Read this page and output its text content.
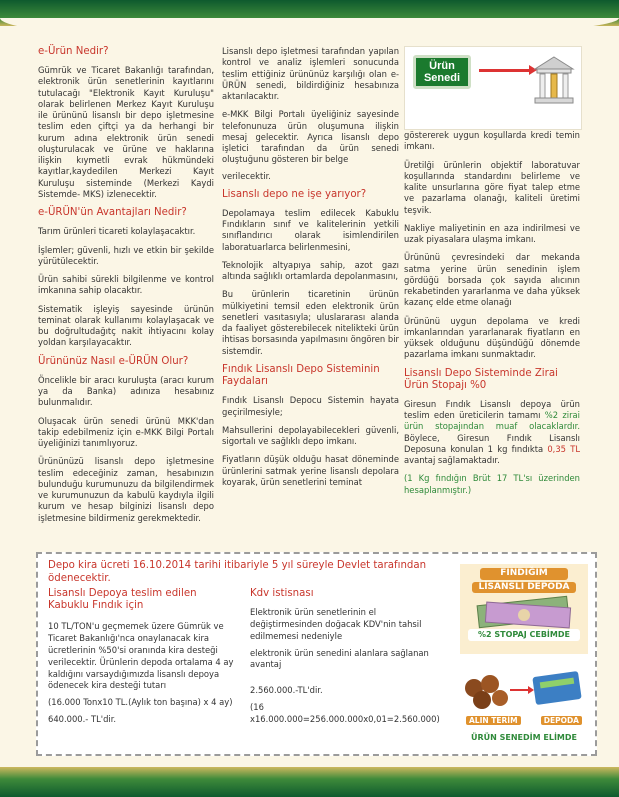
e-Ürün Nedir?

Gümrük ve Ticaret Bakanlığı tarafından, elektronik ürün senetlerinin kayıtlarını tutulacağı "Elektronik Kayıt Kuruluşu" olarak belirlenen Merkez Kayıt Kuruluşu ile ürününü lisanslı bir depo işletmesine teslim eden çiftçi ya da herhangi bir kurum adına elektronik ürün senedi oluşturulacak ve ürüne ve haklarına ilişkin kıymetli evrak hükmündeki kayıtlar,kaydedilen Merkezi Kayıt Kuruluşu sisteminde (Merkezi Kaydi Sistemde- MKS) izlenecektir.

e-ÜRÜN'ün Avantajları Nedir?

Tarım ürünleri ticareti kolaylaşacaktır.

İşlemler; güvenli, hızlı ve etkin bir şekilde yürütülecektir.

Ürün sahibi sürekli bilgilenme ve kontrol imkanına sahip olacaktır.

Sistematik işleyiş sayesinde ürünün teminat olarak kullanımı kolaylaşacak ve bu doğrultudağıtç nakit ihtiyacını kolay yoldan karşılayacaktır.

Ürününüz Nasıl e-ÜRÜN Olur?

Öncelikle bir aracı kuruluşta (aracı kurum ya da Banka) adınıza hesabınız bulunmalıdır.

Oluşacak ürün senedi ürünü MKK'dan takip edebilmeniz için e-MKK Bilgi Portalı üyeliğinizi tanımlıyoruz.

Ürününüzü lisanslı depo işletmesine teslim edeceğiniz zaman, hesabınızın bulunduğu kurumunuzu da bilgilendirmek ve kurumunuzun da kabulü kaydıyla ilgili kurum ve hesap bilginizi lisanslı depo işletmesine bildirmeniz gerekmektedir.

Lisanslı depo işletmesi tarafından yapılan kontrol ve analiz işlemleri sonucunda teslim ettiğiniz ürününüz karşılığı olan e-ÜRÜN senedi, bildirdiğiniz hesabınıza aktarılacaktır.

e-MKK Bilgi Portalı üyeliğiniz sayesinde telefonunuza ürün oluşumuna ilişkin mesaj gelecektir. Ayrıca lisanslı depo işletici tarafından da ürün senedi oluştuğunu gösteren bir belge

verilecektir.

Lisanslı depo ne işe yarıyor?

Depolamaya teslim edilecek Kabuklu Fındıkların sınıf ve kalitelerinin yetkili sınıflandırıcı olarak isimlendirilen laboratuarlarca belirlenmesini,

Teknolojik altyapıya sahip, azot gazı altında sağlıklı ortamlarda depolanmasını,

Bu ürünlerin ticaretinin ürünün mülkiyetini temsil eden elektronik ürün senetleri vasıtasıyla; uluslararası alanda da faaliyet gösterebilecek nitelikteki ürün ihtisas borsasında yapılmasını öngören bir sistemdir.

Fındık Lisanslı Depo Sisteminin Faydaları

Fındık Lisanslı Depocu Sistemin hayata geçirilmesiyle;

Mahsullerini depolayabilecekleri güvenli, sigortalı ve sağlıklı depo imkanı.

Fiyatların düşük olduğu hasat döneminde ürünlerini satmak yerine lisanslı depolara koyarak, ürün senetlerini teminat

Ürün
Senedi

göstererek uygun koşullarda kredi temin imkanı.

Üretilği ürünlerin objektif laboratuvar koşullarında standardını belirleme ve kalite unsurlarına göre fiyat talep etme ve pazarlama olanağı, kaliteli üretimi teşvik.

Nakliye maliyetinin en aza indirilmesi ve uzak piyasalara ulaşma imkanı.

Ürününü çevresindeki dar mekanda satma yerine ürün senedinin işlem gördüğü borsada çok sayıda alıcının rekabetinden yararlanma ve daha yüksek kazanç elde etme olanağı

Ürününü uygun depolama ve kredi imkanlarından yararlanarak fiyatların en yüksek olduğunu düşündüğü dönemde pazarlama imkanı sunmaktadır.

Lisanslı Depo Sisteminde Zirai Ürün Stopajı %0

Giresun Fındık Lisanslı depoya ürün teslim eden üreticilerin tamamı %2 zirai ürün stopajından muaf olacaklardır. Böylece, Giresun Fındık Lisanslı Deposuna konulan 1 kg fındıkta 0,35 TL avantaj sağlamaktadır.

(1 Kg fındığın Brüt 17 TL'sı üzerinden hesaplanmıştır.)

Depo kira ücreti 16.10.2014 tarihi itibariyle 5 yıl süreyle Devlet tarafından ödenecektir.

Lisanslı Depoya teslim edilen Kabuklu Fındık için

10 TL/TON'u geçmemek üzere Gümrük ve Ticaret Bakanlığı'nca onaylanacak kira ücretlerinin %50'si oranında kira desteği verilecektir. Ürünlerin depoda ortalama 4 ay kaldığını varsaydığımızda lisanslı depoya ödenecek kira desteği tutarı

(16.000 Tonx10 TL.(Aylık ton başına) x 4 ay)

640.000.- TL'dir.

Kdv istisnası

Elektronik ürün senetlerinin el değiştirmesinden doğacak KDV'nin tahsil edilmemesi nedeniyle

elektronik ürün senedini alanlara sağlanan avantaj

2.560.000.-TL'dir.

(16 x16.000.000=256.000.000x0,01=2.560.000)

FINDIĞIM
LİSANSLI DEPODA
%2 STOPAJ CEBİMDE
ALIN TERİM	DEPODA
ÜRÜN SENEDİM ELİMDE
